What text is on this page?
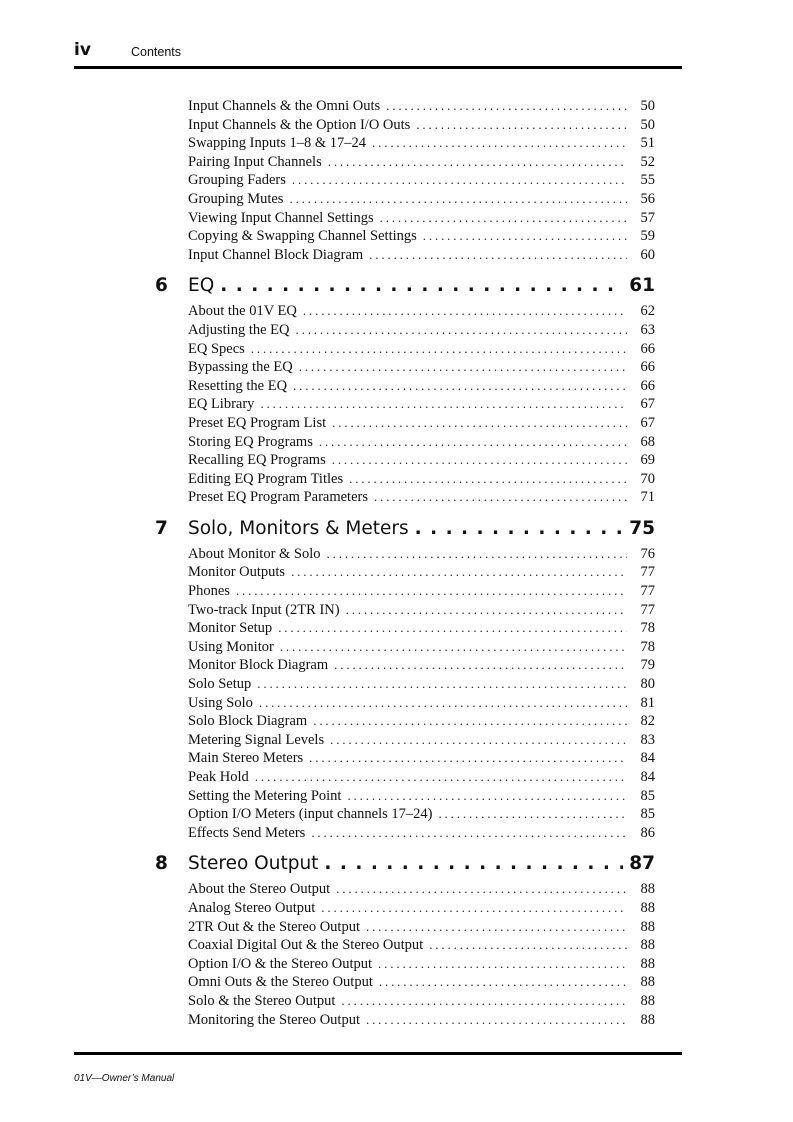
iv	Contents
Input Channels & the Omni Outs . . .	50
Input Channels & the Option I/O Outs . . .	50
Swapping Inputs 1–8 & 17–24 . . .	51
Pairing Input Channels . . .	52
Grouping Faders . . .	55
Grouping Mutes . . .	56
Viewing Input Channel Settings . . .	57
Copying & Swapping Channel Settings . . .	59
Input Channel Block Diagram . . .	60
6	EQ . . .	61
About the 01V EQ . . .	62
Adjusting the EQ . . .	63
EQ Specs . . .	66
Bypassing the EQ . . .	66
Resetting the EQ . . .	66
EQ Library . . .	67
Preset EQ Program List . . .	67
Storing EQ Programs . . .	68
Recalling EQ Programs . . .	69
Editing EQ Program Titles . . .	70
Preset EQ Program Parameters . . .	71
7	Solo, Monitors & Meters . . .	75
About Monitor & Solo . . .	76
Monitor Outputs . . .	77
Phones . . .	77
Two-track Input (2TR IN) . . .	77
Monitor Setup . . .	78
Using Monitor . . .	78
Monitor Block Diagram . . .	79
Solo Setup . . .	80
Using Solo . . .	81
Solo Block Diagram . . .	82
Metering Signal Levels . . .	83
Main Stereo Meters . . .	84
Peak Hold . . .	84
Setting the Metering Point . . .	85
Option I/O Meters (input channels 17–24) . . .	85
Effects Send Meters . . .	86
8	Stereo Output . . .	87
About the Stereo Output . . .	88
Analog Stereo Output . . .	88
2TR Out & the Stereo Output . . .	88
Coaxial Digital Out & the Stereo Output . . .	88
Option I/O & the Stereo Output . . .	88
Omni Outs & the Stereo Output . . .	88
Solo & the Stereo Output . . .	88
Monitoring the Stereo Output . . .	88
01V—Owner’s Manual
